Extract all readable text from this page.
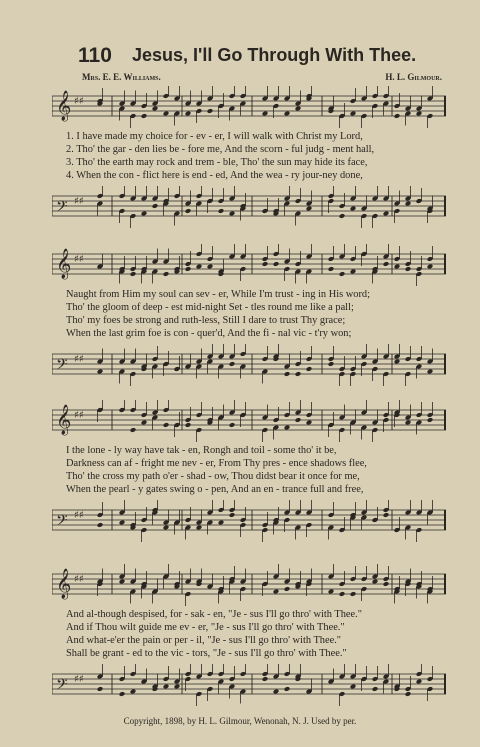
110 Jesus, I'll Go Through With Thee.
Mrs. E. E. Williams.	H. L. Gilmour.
𝄞 ♯♯
1. I have made my choice for - ev - er, I will walk with Christ my Lord,
2. Tho' the gar - den lies be - fore me, And the scorn - ful judg - ment hall,
3. Tho' the earth may rock and trem - ble, Tho' the sun may hide its face,
4. When the con - flict here is end - ed, And the wea - ry jour-ney done,
𝄢 ♯♯
𝄞 ♯♯
Naught from Him my soul can sev - er, While I'm trust - ing in His word;
Tho' the gloom of deep - est mid-night Set - tles round me like a pall;
Tho' my foes be strong and ruth-less, Still I dare to trust Thy grace;
When the last grim foe is con - quer'd, And the fi - nal vic - t'ry won;
𝄢 ♯♯
𝄞 ♯♯
I the lone - ly way have tak - en, Rongh and toil - some tho' it be,
Darkness can af - fright me nev - er, From Thy pres - ence shadows flee,
Tho' the cross my path o'er - shad - ow, Thou didst bear it once for me,
When the pearl - y gates swing o - pen, And an en - trance full and free,
𝄢 ♯♯
𝄞 ♯♯
And al-though despised, for - sak - en, "Je - sus I'll go thro' with Thee."
And if Thou wilt guide me ev - er, "Je - sus I'll go thro' with Thee."
And what-e'er the pain or per - il, "Je - sus I'll go thro' with Thee."
Shall be grant - ed to the vic - tors, "Je - sus I'll go thro' with Thee."
𝄢 ♯♯
Copyright, 1898, by H. L. Gilmour, Wenonah, N. J. Used by per.
